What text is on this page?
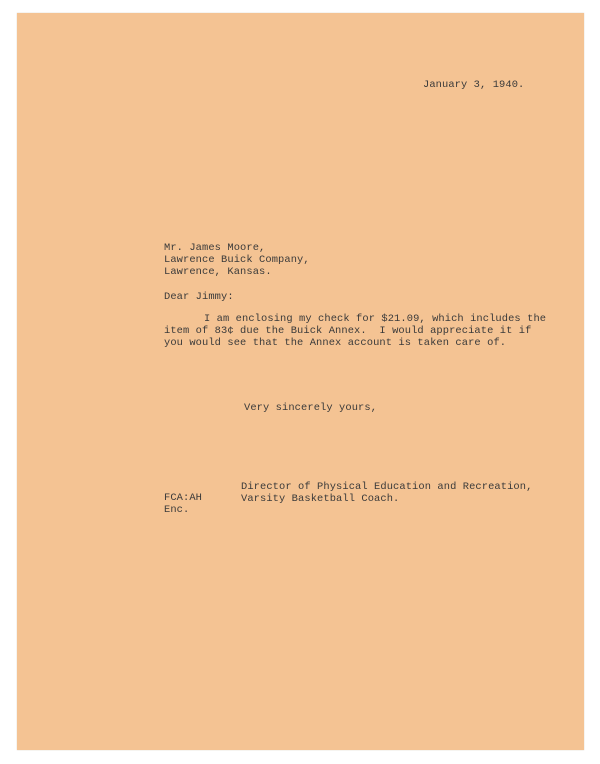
January 3, 1940.
Mr. James Moore,
Lawrence Buick Company,
Lawrence, Kansas.
Dear Jimmy:
I am enclosing my check for $21.09, which includes the
item of 83¢ due the Buick Annex.  I would appreciate it if
you would see that the Annex account is taken care of.
Very sincerely yours,
Director of Physical Education and Recreation,
Varsity Basketball Coach.
FCA:AH
Enc.
